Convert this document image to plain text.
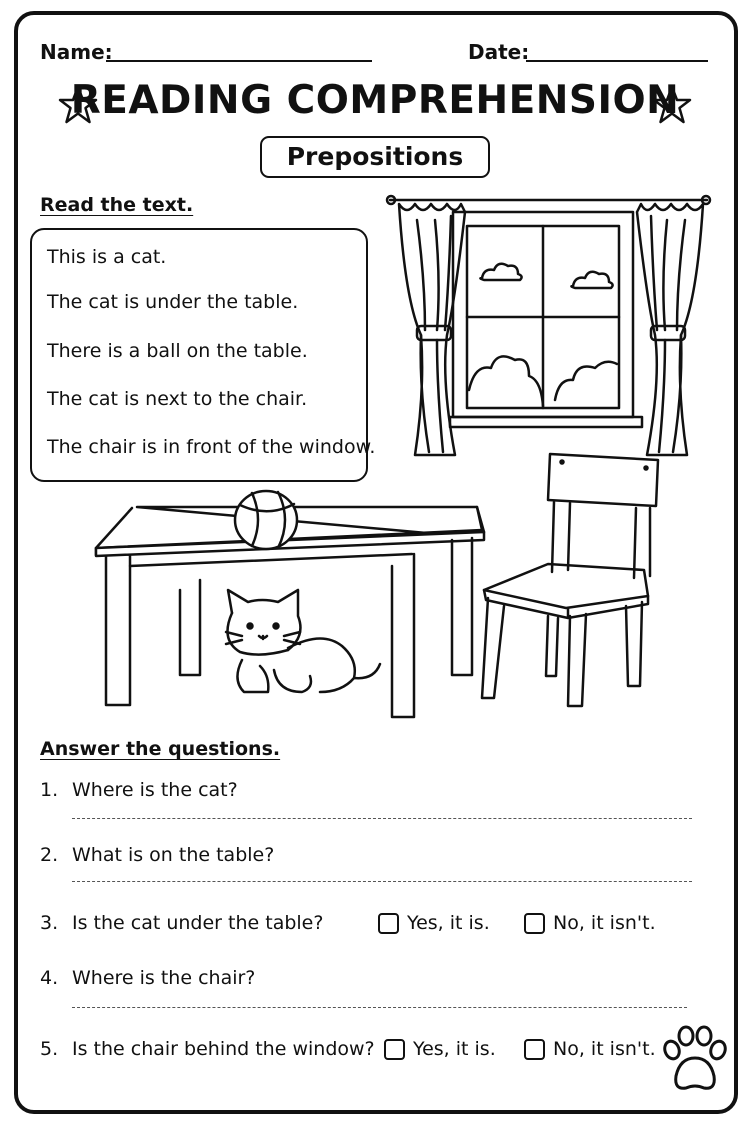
Name:	Date:
READING COMPREHENSION
Prepositions
Read the text.
This is a cat.
The cat is under the table.
There is a ball on the table.
The cat is next to the chair.
The chair is in front of the window.
Answer the questions.
1. Where is the cat?
2. What is on the table?
3. Is the cat under the table?	Yes, it is.	No, it isn't.
4. Where is the chair?
5. Is the chair behind the window? Yes, it is.	No, it isn't.
